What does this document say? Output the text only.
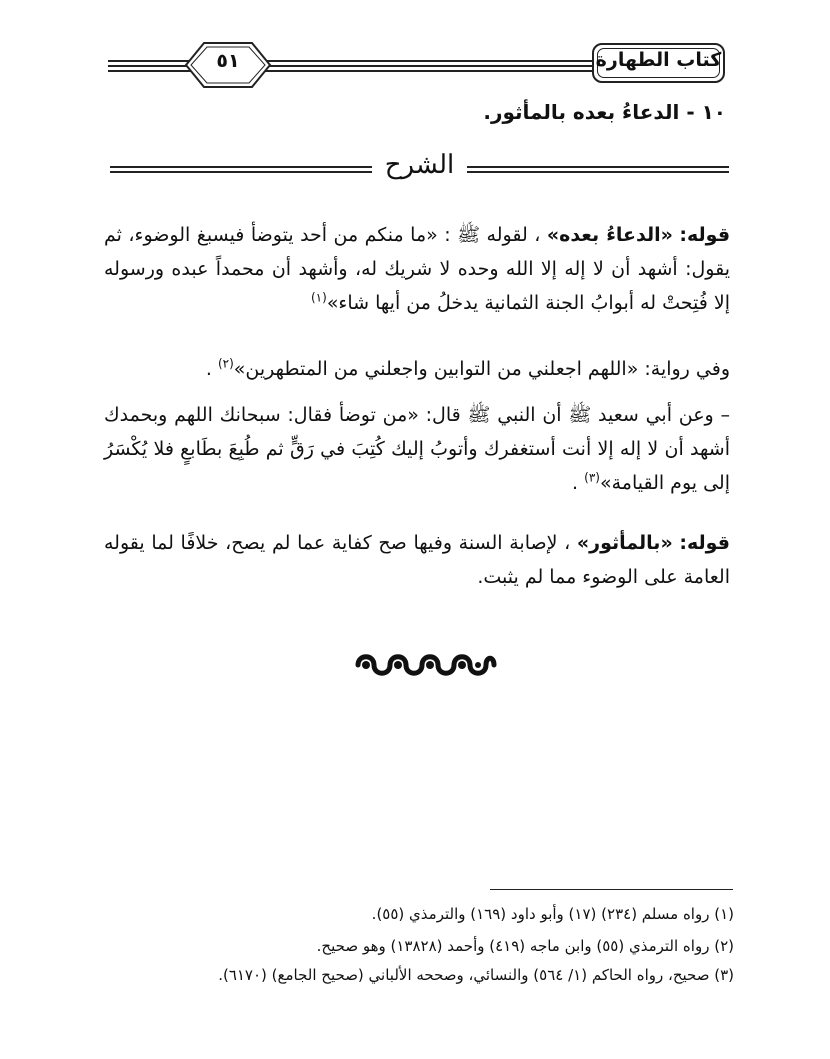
٥١	كتاب الطهارة
١٠ - الدعاءُ بعده بالمأثور.
الشرح
قوله: «الدعاءُ بعده» ، لقوله ﷺ : «ما منكم من أحد يتوضأ فيسبغ الوضوء، ثم يقول: أشهد أن لا إله إلا الله وحده لا شريك له، وأشهد أن محمداً عبده ورسوله إلا فُتِحتْ له أبوابُ الجنة الثمانية يدخلُ من أيها شاء»$^{(١)}$
وفي رواية: «اللهم اجعلني من التوابين واجعلني من المتطهرين»$^{(٢)}$ .
– وعن أبي سعيد ﷺ أن النبي ﷺ قال: «من توضأ فقال: سبحانك اللهم وبحمدك أشهد أن لا إله إلا أنت أستغفرك وأتوبُ إليك كُتِبَ في رَقٍّ ثم طُبِعَ بطَابعٍ فلا يُكْسَرُ إلى يوم القيامة»$^{(٣)}$ .
قوله: «بالمأثور» ، لإصابة السنة وفيها صح كفاية عما لم يصح، خلافًا لما يقوله العامة على الوضوء مما لم يثبت.
(١) رواه مسلم (٢٣٤) (١٧) وأبو داود (١٦٩) والترمذي (٥٥).
(٢) رواه الترمذي (٥٥) وابن ماجه (٤١٩) وأحمد (١٣٨٢٨) وهو صحيح.
(٣) صحيح، رواه الحاكم (١/ ٥٦٤) والنسائي، وصححه الألباني (صحيح الجامع) (٦١٧٠).
